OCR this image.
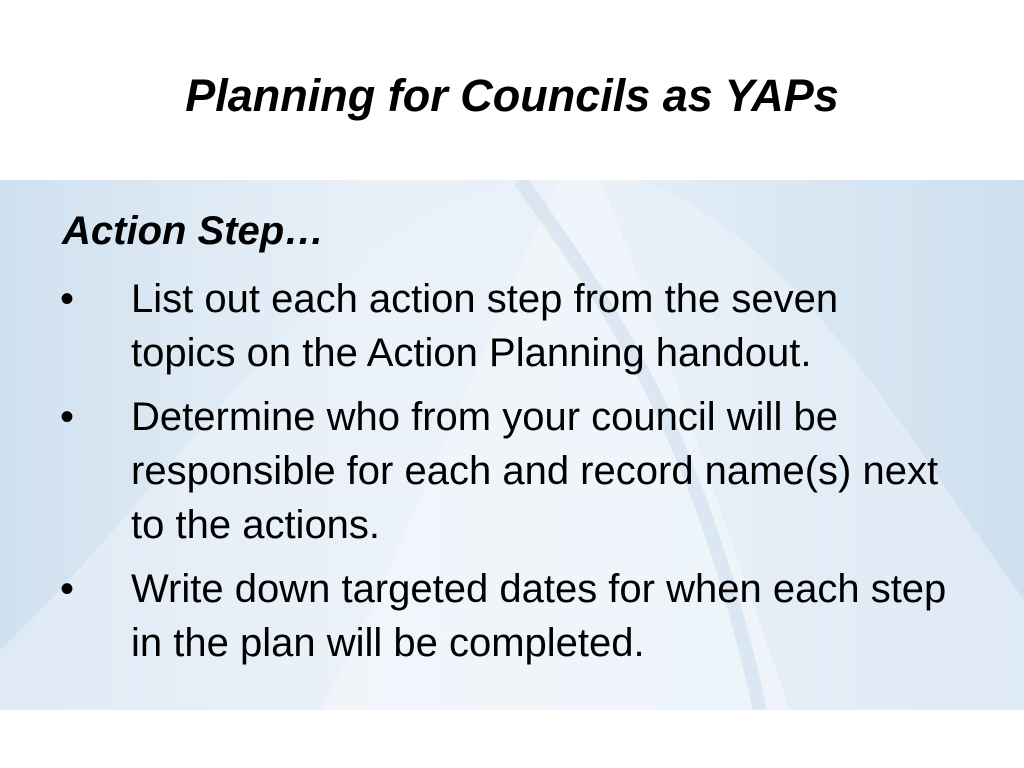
Planning for Councils as YAPs
Action Step…
•	List out each action step from the seven topics on the Action Planning handout.
•	Determine who from your council will be responsible for each and record name(s) next to the actions.
•	Write down targeted dates for when each step in the plan will be completed.
